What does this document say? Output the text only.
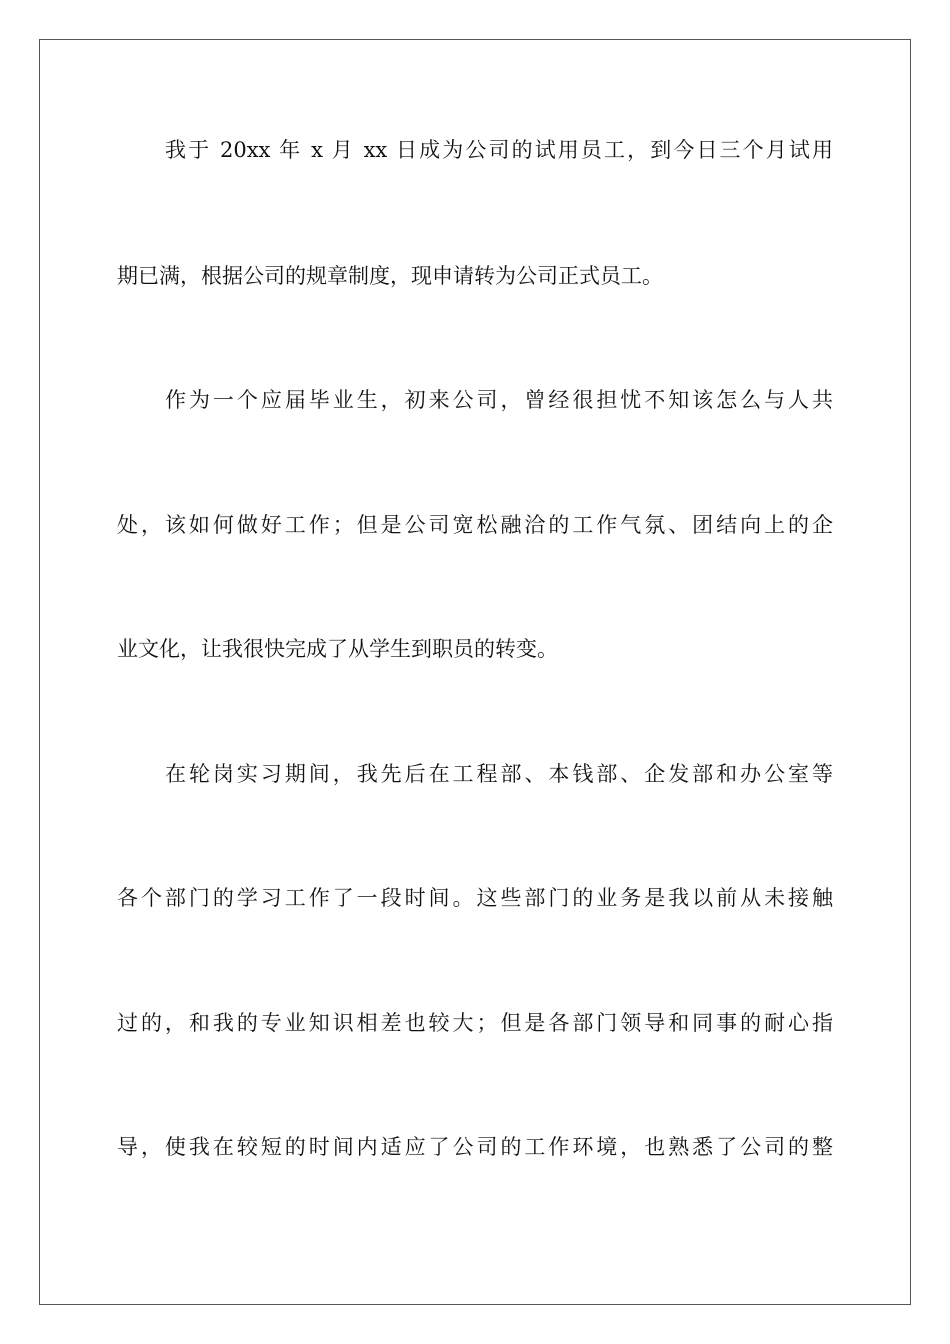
我于 20xx 年 x 月 xx 日成为公司的试用员工，到今日三个月试用
期已满，根据公司的规章制度，现申请转为公司正式员工。
作为一个应届毕业生，初来公司，曾经很担忧不知该怎么与人共
处，该如何做好工作；但是公司宽松融洽的工作气氛、团结向上的企
业文化，让我很快完成了从学生到职员的转变。
在轮岗实习期间，我先后在工程部、本钱部、企发部和办公室等
各个部门的学习工作了一段时间。这些部门的业务是我以前从未接触
过的，和我的专业知识相差也较大；但是各部门领导和同事的耐心指
导，使我在较短的时间内适应了公司的工作环境，也熟悉了公司的整
